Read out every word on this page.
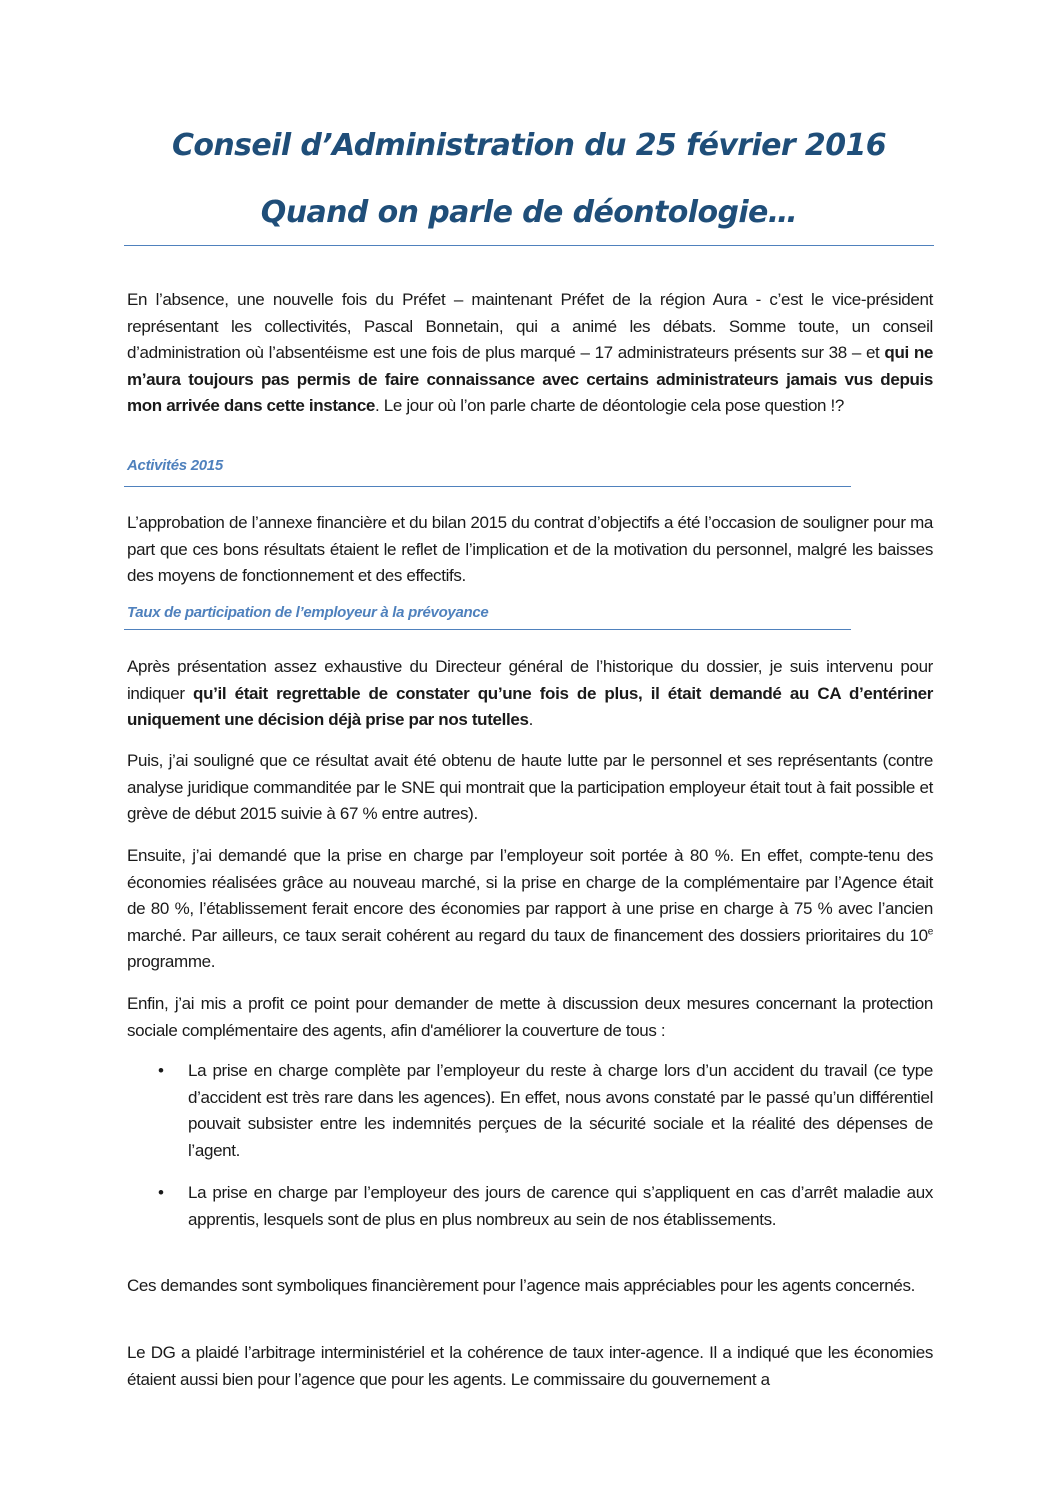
Conseil d’Administration du 25 février 2016
Quand on parle de déontologie…

En l’absence, une nouvelle fois du Préfet – maintenant Préfet de la région Aura - c’est le vice-président représentant les collectivités, Pascal Bonnetain, qui a animé les débats. Somme toute, un conseil d’administration où l’absentéisme est une fois de plus marqué – 17 administrateurs présents sur 38 – et qui ne m’aura toujours pas permis de faire connaissance avec certains administrateurs jamais vus depuis mon arrivée dans cette instance. Le jour où l’on parle charte de déontologie cela pose question !?

Activités 2015

L’approbation de l’annexe financière et du bilan 2015 du contrat d’objectifs a été l’occasion de souligner pour ma part que ces bons résultats étaient le reflet de l’implication et de la motivation du personnel, malgré les baisses des moyens de fonctionnement et des effectifs.

Taux de participation de l’employeur à la prévoyance

Après présentation assez exhaustive du Directeur général de l’historique du dossier, je suis intervenu pour indiquer qu’il était regrettable de constater qu’une fois de plus, il était demandé au CA d’entériner uniquement une décision déjà prise par nos tutelles.

Puis, j’ai souligné que ce résultat avait été obtenu de haute lutte par le personnel et ses représentants (contre analyse juridique commanditée par le SNE qui montrait que la participation employeur était tout à fait possible et grève de début 2015 suivie à 67 % entre autres).

Ensuite, j’ai demandé que la prise en charge par l’employeur soit portée à 80 %. En effet, compte-tenu des économies réalisées grâce au nouveau marché, si la prise en charge de la complémentaire par l’Agence était de 80 %, l’établissement ferait encore des économies par rapport à une prise en charge à 75 % avec l’ancien marché. Par ailleurs, ce taux serait cohérent au regard du taux de financement des dossiers prioritaires du 10e programme.

Enfin, j’ai mis a profit ce point pour demander de mette à discussion deux mesures concernant la protection sociale complémentaire des agents, afin d'améliorer la couverture de tous :

• La prise en charge complète par l’employeur du reste à charge lors d’un accident du travail (ce type d’accident est très rare dans les agences). En effet, nous avons constaté par le passé qu’un différentiel pouvait subsister entre les indemnités perçues de la sécurité sociale et la réalité des dépenses de l’agent.

• La prise en charge par l’employeur des jours de carence qui s’appliquent en cas d’arrêt maladie aux apprentis, lesquels sont de plus en plus nombreux au sein de nos établissements.

Ces demandes sont symboliques financièrement pour l’agence mais appréciables pour les agents concernés.

Le DG a plaidé l’arbitrage interministériel et la cohérence de taux inter-agence. Il a indiqué que les économies étaient aussi bien pour l’agence que pour les agents. Le commissaire du gouvernement a
